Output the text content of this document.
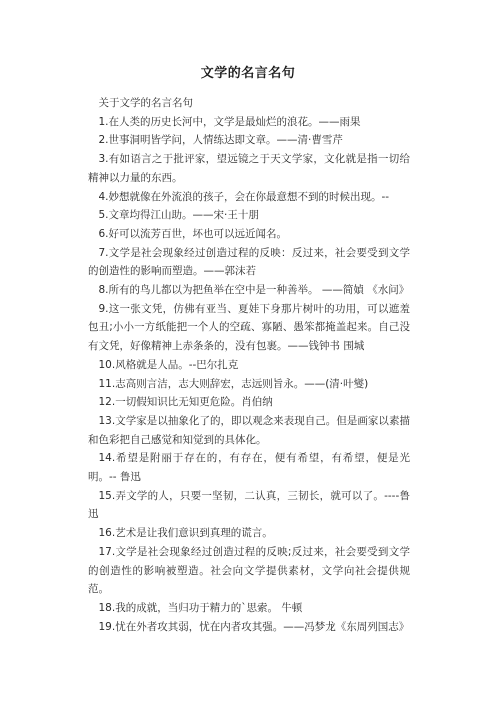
文学的名言名句

关于文学的名言名句

1.在人类的历史长河中，文学是最灿烂的浪花。——雨果

2.世事洞明皆学问，人情练达即文章。——清·曹雪芹

3.有如语言之于批评家，望远镜之于天文学家，文化就是指一切给精神以力量的东西。

4.妙想就像在外流浪的孩子，会在你最意想不到的时候出现。--

5.文章均得江山助。——宋·王十朋

6.好可以流芳百世，坏也可以远近闻名。

7.文学是社会现象经过创造过程的反映：反过来，社会要受到文学的创造性的影响而塑造。——郭沫若

8.所有的鸟儿都以为把鱼举在空中是一种善举。 ——简媜 《水问》

9.这一张文凭，仿佛有亚当、夏娃下身那片树叶的功用，可以遮羞包丑;小小一方纸能把一个人的空疏、寡陋、愚笨都掩盖起来。自己没有文凭，好像精神上赤条条的，没有包裹。——钱钟书 围城

10.风格就是人品。--巴尔扎克

11.志高则言洁，志大则辞宏，志远则旨永。——(清·叶燮)

12.一切假知识比无知更危险。肖伯纳

13.文学家是以抽象化了的，即以观念来表现自己。但是画家以素描和色彩把自己感觉和知觉到的具体化。

14.希望是附丽于存在的，有存在，便有希望，有希望，便是光明。-- 鲁迅

15.弄文学的人，只要一坚韧，二认真，三韧长，就可以了。----鲁迅

16.艺术是让我们意识到真理的谎言。

17.文学是社会现象经过创造过程的反映;反过来，社会要受到文学的创造性的影响被塑造。社会向文学提供素材，文学向社会提供规范。

18.我的成就，当归功于精力的`思索。 牛顿

19.忧在外者攻其弱，忧在内者攻其强。——冯梦龙《东周列国志》
